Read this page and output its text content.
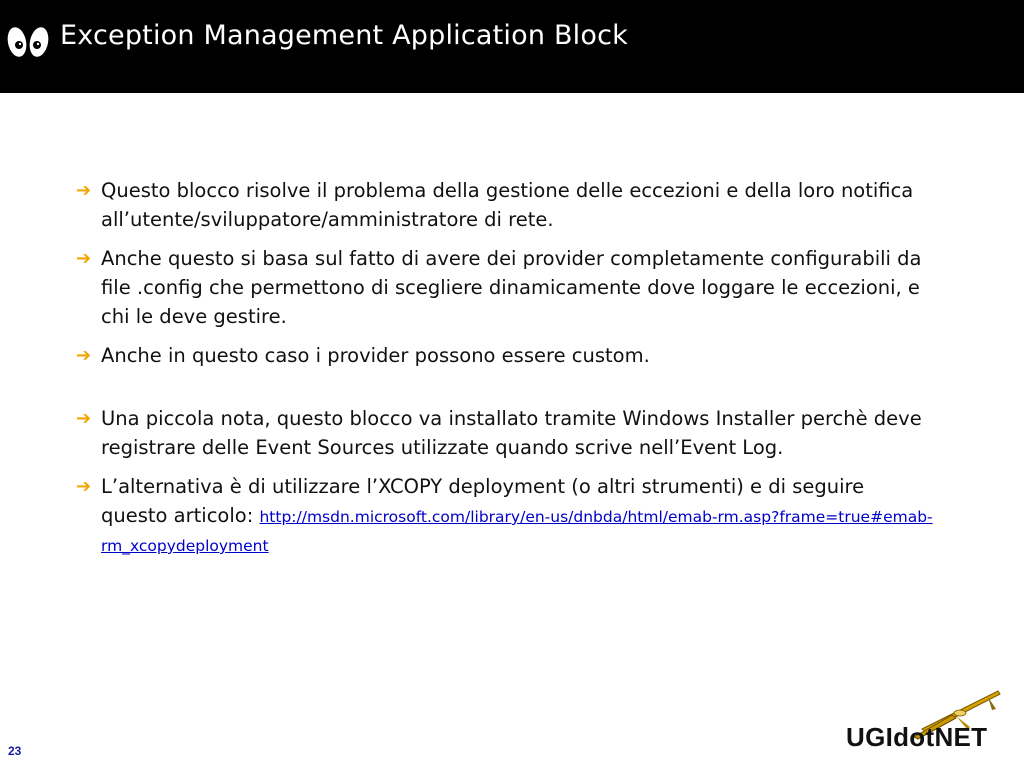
Exception Management Application Block
➔ Questo blocco risolve il problema della gestione delle eccezioni e della loro notifica all’utente/sviluppatore/amministratore di rete.
➔ Anche questo si basa sul fatto di avere dei provider completamente configurabili da file .config che permettono di scegliere dinamicamente dove loggare le eccezioni, e chi le deve gestire.
➔ Anche in questo caso i provider possono essere custom.
➔ Una piccola nota, questo blocco va installato tramite Windows Installer perchè deve registrare delle Event Sources utilizzate quando scrive nell’Event Log.
➔ L’alternativa è di utilizzare l’XCOPY deployment (o altri strumenti) e di seguire questo articolo: http://msdn.microsoft.com/library/en-us/dnbda/html/emab-rm.asp?frame=true#emab-rm_xcopydeployment
23	UGIdotNET
